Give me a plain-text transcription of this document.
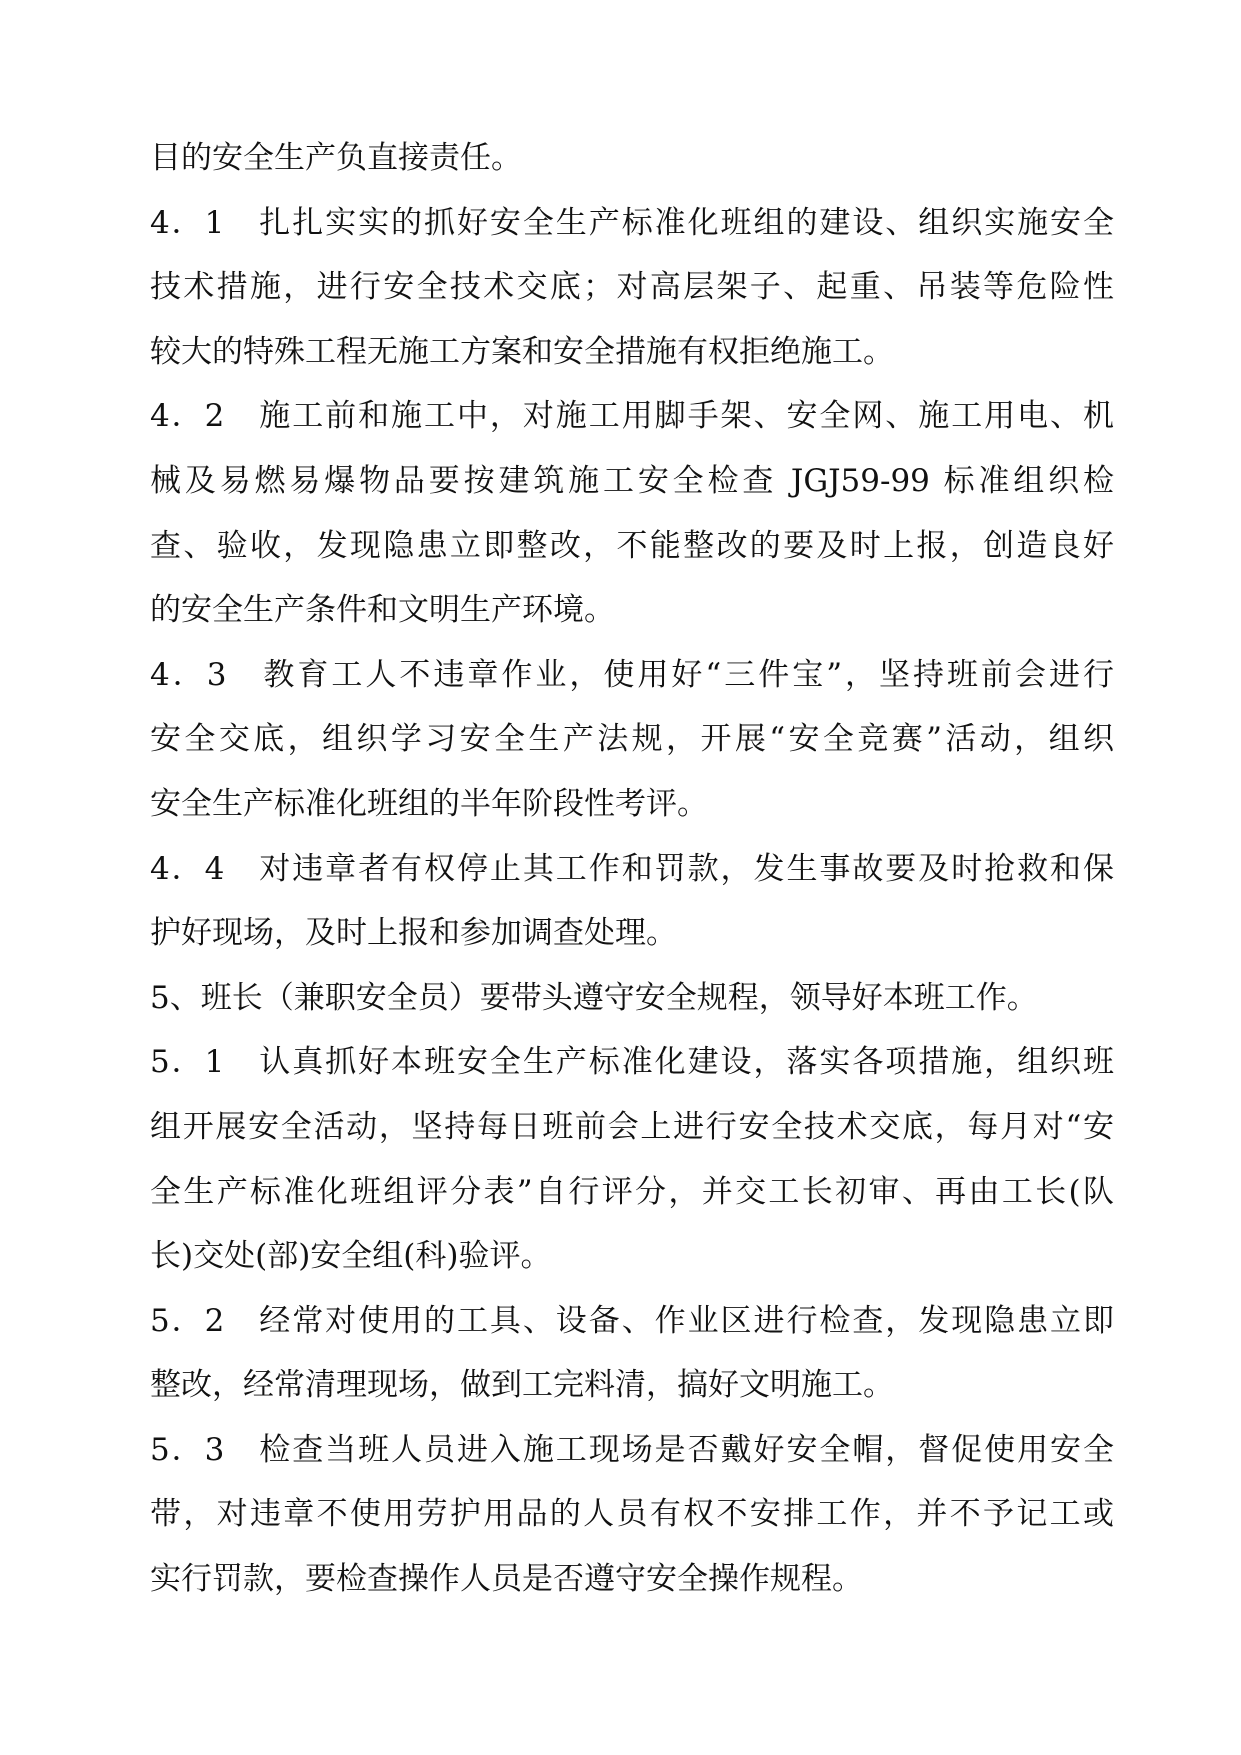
目的安全生产负直接责任。
4．1　扎扎实实的抓好安全生产标准化班组的建设、组织实施安全
技术措施，进行安全技术交底；对高层架子、起重、吊装等危险性
较大的特殊工程无施工方案和安全措施有权拒绝施工。
4．2　施工前和施工中，对施工用脚手架、安全网、施工用电、机
械及易燃易爆物品要按建筑施工安全检查 JGJ59-99 标准组织检
查、验收，发现隐患立即整改，不能整改的要及时上报，创造良好
的安全生产条件和文明生产环境。
4．3　教育工人不违章作业，使用好“三件宝”，坚持班前会进行
安全交底，组织学习安全生产法规，开展“安全竞赛”活动，组织
安全生产标准化班组的半年阶段性考评。
4．4　对违章者有权停止其工作和罚款，发生事故要及时抢救和保
护好现场，及时上报和参加调查处理。
5、班长（兼职安全员）要带头遵守安全规程，领导好本班工作。
5．1　认真抓好本班安全生产标准化建设，落实各项措施，组织班
组开展安全活动，坚持每日班前会上进行安全技术交底，每月对“安
全生产标准化班组评分表”自行评分，并交工长初审、再由工长(队
长)交处(部)安全组(科)验评。
5．2　经常对使用的工具、设备、作业区进行检查，发现隐患立即
整改，经常清理现场，做到工完料清，搞好文明施工。
5．3　检查当班人员进入施工现场是否戴好安全帽，督促使用安全
带，对违章不使用劳护用品的人员有权不安排工作，并不予记工或
实行罚款，要检查操作人员是否遵守安全操作规程。
